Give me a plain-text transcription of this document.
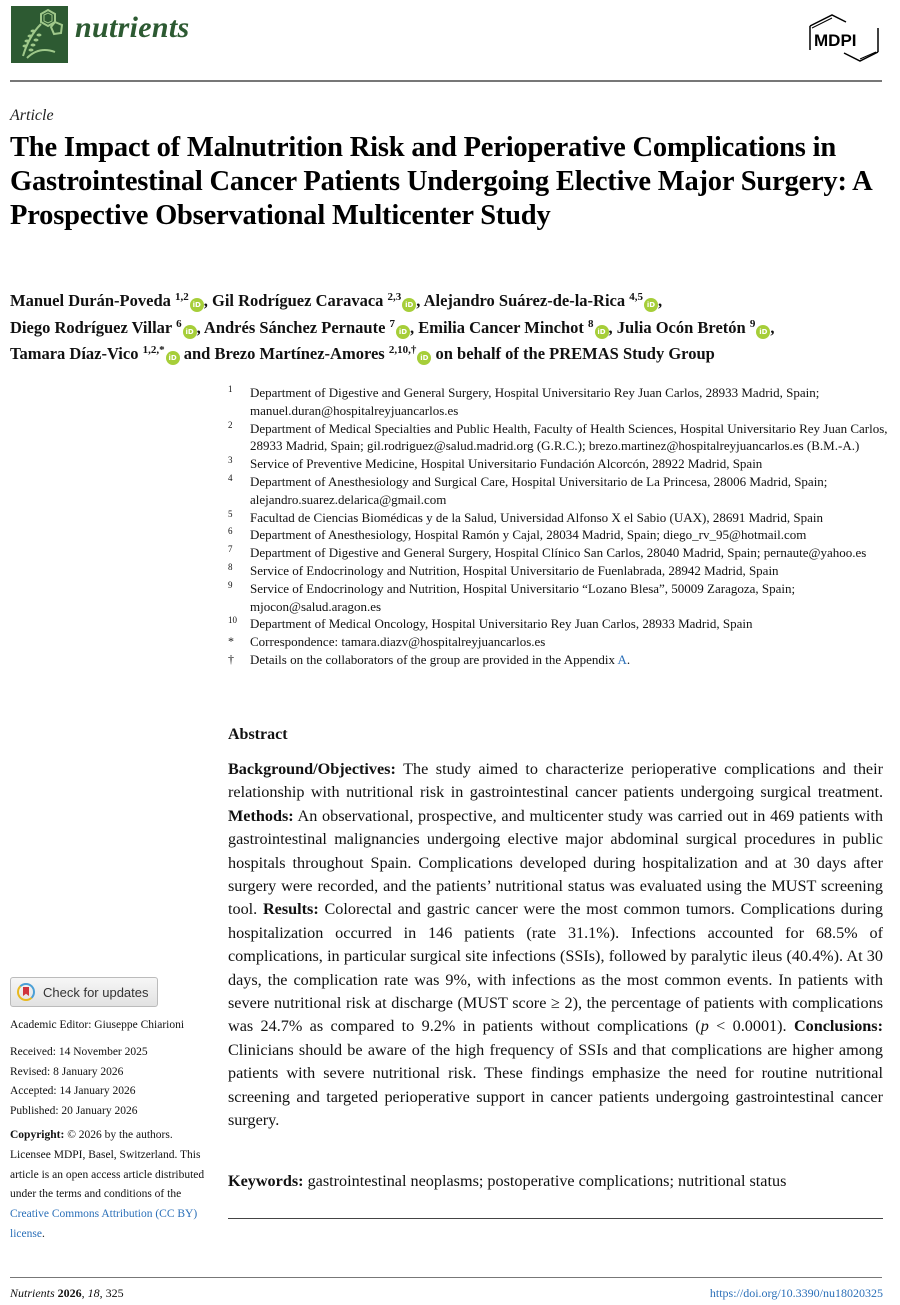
nutrients	MDPI
Article
The Impact of Malnutrition Risk and Perioperative Complications in Gastrointestinal Cancer Patients Undergoing Elective Major Surgery: A Prospective Observational Multicenter Study
Manuel Durán-Poveda $^{1,2}$iD , Gil Rodríguez Caravaca $^{2,3}$iD , Alejandro Suárez-de-la-Rica $^{4,5}$iD ,
Diego Rodríguez Villar $^6$iD , Andrés Sánchez Pernaute $^7$iD , Emilia Cancer Minchot $^8$iD , Julia Ocón Bretón $^9$iD ,
Tamara Díaz-Vico $^{1,2,*}$iD and Brezo Martínez-Amores $^{2,10,\dagger}$iD on behalf of the PREMAS Study Group
1 Department of Digestive and General Surgery, Hospital Universitario Rey Juan Carlos, 28933 Madrid, Spain; manuel.duran@hospitalreyjuancarlos.es
2 Department of Medical Specialties and Public Health, Faculty of Health Sciences, Hospital Universitario Rey Juan Carlos, 28933 Madrid, Spain; gil.rodriguez@salud.madrid.org (G.R.C.); brezo.martinez@hospitalreyjuancarlos.es (B.M.-A.)
3 Service of Preventive Medicine, Hospital Universitario Fundación Alcorcón, 28922 Madrid, Spain
4 Department of Anesthesiology and Surgical Care, Hospital Universitario de La Princesa, 28006 Madrid, Spain; alejandro.suarez.delarica@gmail.com
5 Facultad de Ciencias Biomédicas y de la Salud, Universidad Alfonso X el Sabio (UAX), 28691 Madrid, Spain
6 Department of Anesthesiology, Hospital Ramón y Cajal, 28034 Madrid, Spain; diego_rv_95@hotmail.com
7 Department of Digestive and General Surgery, Hospital Clínico San Carlos, 28040 Madrid, Spain; pernaute@yahoo.es
8 Service of Endocrinology and Nutrition, Hospital Universitario de Fuenlabrada, 28942 Madrid, Spain
9 Service of Endocrinology and Nutrition, Hospital Universitario “Lozano Blesa”, 50009 Zaragoza, Spain; mjocon@salud.aragon.es
10 Department of Medical Oncology, Hospital Universitario Rey Juan Carlos, 28933 Madrid, Spain
* Correspondence: tamara.diazv@hospitalreyjuancarlos.es
† Details on the collaborators of the group are provided in the Appendix A.
Abstract
Background/Objectives: The study aimed to characterize perioperative complications and their relationship with nutritional risk in gastrointestinal cancer patients undergoing surgical treatment. Methods: An observational, prospective, and multicenter study was carried out in 469 patients with gastrointestinal malignancies undergoing elective major abdominal surgical procedures in public hospitals throughout Spain. Complications developed during hospitalization and at 30 days after surgery were recorded, and the patients’ nutritional status was evaluated using the MUST screening tool. Results: Colorectal and gastric cancer were the most common tumors. Complications during hospitalization occurred in 146 patients (rate 31.1%). Infections accounted for 68.5% of complications, in particular surgical site infections (SSIs), followed by paralytic ileus (40.4%). At 30 days, the complication rate was 9%, with infections as the most common events. In patients with severe nutritional risk at discharge (MUST score ≥ 2), the percentage of patients with complications was 24.7% as compared to 9.2% in patients without complications (p < 0.0001). Conclusions: Clinicians should be aware of the high frequency of SSIs and that complications are higher among patients with severe nutritional risk. These findings emphasize the need for routine nutritional screening and targeted perioperative support in cancer patients undergoing gastrointestinal cancer surgery.
Keywords: gastrointestinal neoplasms; postoperative complications; nutritional status
Check for updates
Academic Editor: Giuseppe Chiarioni
Received: 14 November 2025
Revised: 8 January 2026
Accepted: 14 January 2026
Published: 20 January 2026
Copyright: © 2026 by the authors. Licensee MDPI, Basel, Switzerland. This article is an open access article distributed under the terms and conditions of the Creative Commons Attribution (CC BY) license.
Nutrients 2026, 18, 325	https://doi.org/10.3390/nu18020325
